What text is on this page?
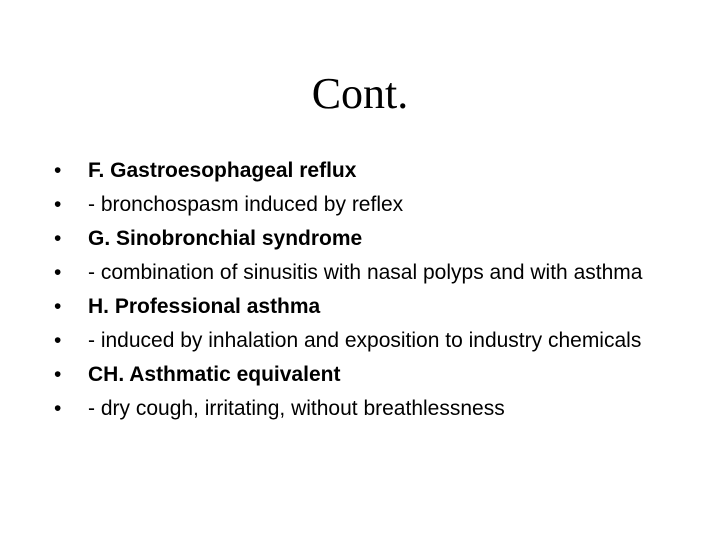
Cont.
• F. Gastroesophageal reflux
• - bronchospasm induced by reflex
• G. Sinobronchial syndrome
• - combination of sinusitis with nasal polyps and with asthma
• H. Professional asthma
• - induced by inhalation and exposition to industry chemicals
• CH. Asthmatic equivalent
• - dry cough, irritating, without breathlessness
